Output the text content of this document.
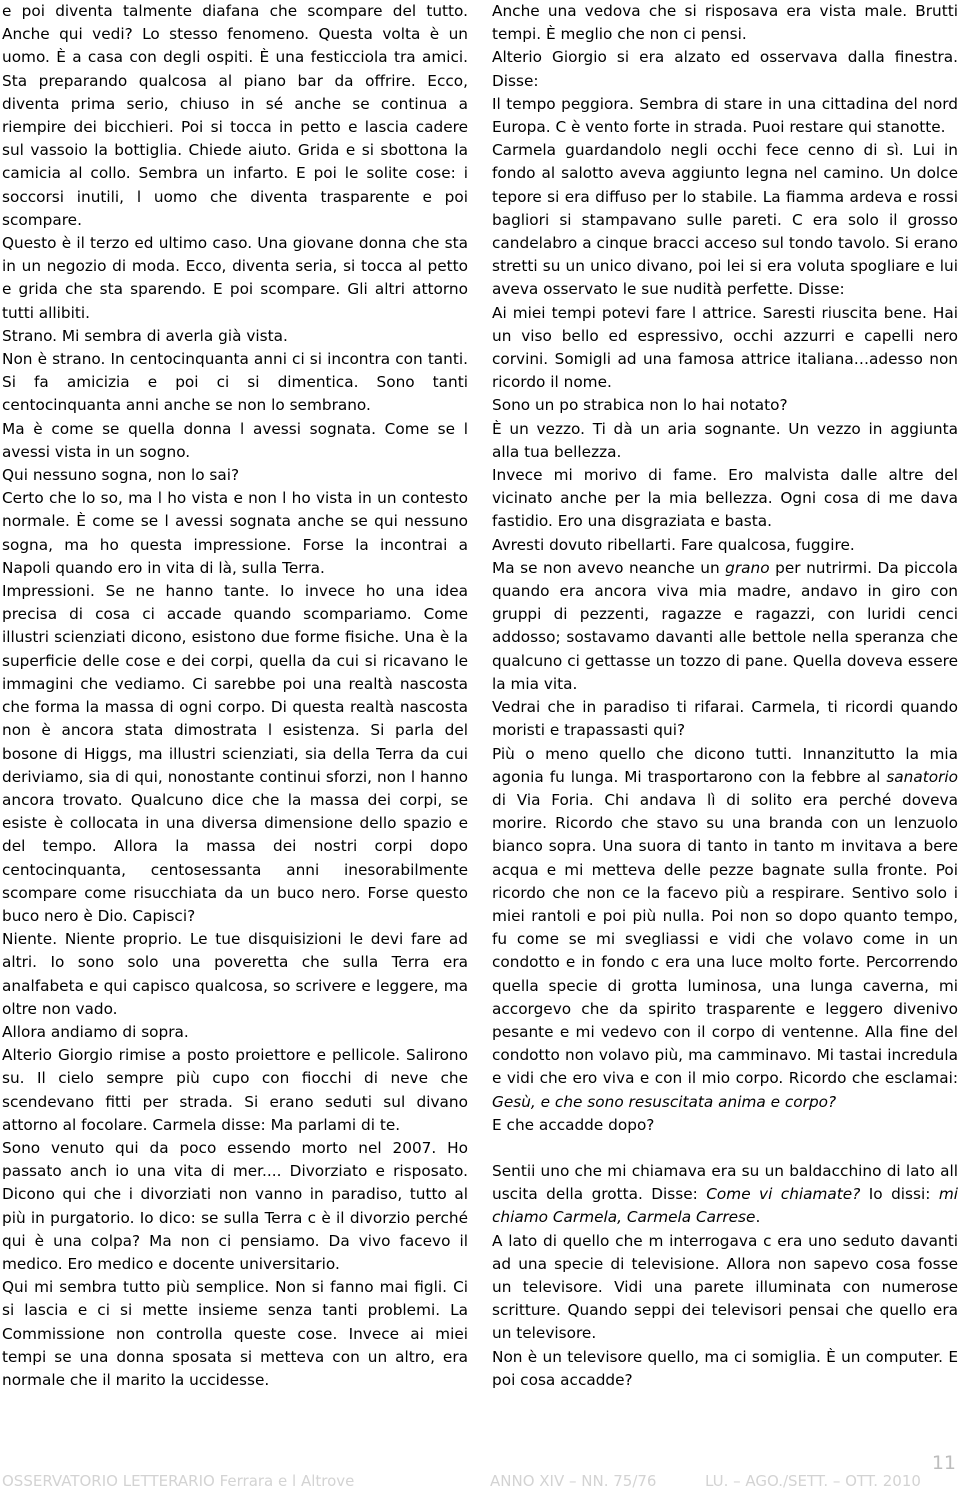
e poi diventa talmente diafana che scompare del tutto. Anche qui vedi? Lo stesso fenomeno. Questa volta è un uomo. È a casa con degli ospiti. È una festicciola tra amici. Sta preparando qualcosa al piano bar da offrire. Ecco, diventa prima serio, chiuso in sé anche se continua a riempire dei bicchieri. Poi si tocca in petto e lascia cadere sul vassoio la bottiglia. Chiede aiuto. Grida e si sbottona la camicia al collo. Sembra un infarto. E poi le solite cose: i soccorsi inutili, l uomo che diventa trasparente e poi scompare.

Questo è il terzo ed ultimo caso. Una giovane donna che sta in un negozio di moda. Ecco, diventa seria, si tocca al petto e grida che sta sparendo. E poi scompare. Gli altri attorno tutti allibiti.

Strano. Mi sembra di averla già vista.

Non è strano. In centocinquanta anni ci si incontra con tanti. Si fa amicizia e poi ci si dimentica. Sono tanti centocinquanta anni anche se non lo sembrano.

Ma è come se quella donna l avessi sognata. Come se l avessi vista in un sogno.

Qui nessuno sogna, non lo sai?

Certo che lo so, ma l ho vista e non l ho vista in un contesto normale. È come se l avessi sognata anche se qui nessuno sogna, ma ho questa impressione. Forse la incontrai a Napoli quando ero in vita di là, sulla Terra.

Impressioni. Se ne hanno tante. Io invece ho una idea precisa di cosa ci accade quando scompariamo. Come illustri scienziati dicono, esistono due forme fisiche. Una è la superficie delle cose e dei corpi, quella da cui si ricavano le immagini che vediamo. Ci sarebbe poi una realtà nascosta che forma la massa di ogni corpo. Di questa realtà nascosta non è ancora stata dimostrata l esistenza. Si parla del bosone di Higgs, ma illustri scienziati, sia della Terra da cui deriviamo, sia di qui, nonostante continui sforzi, non l hanno ancora trovato. Qualcuno dice che la massa dei corpi, se esiste è collocata in una diversa dimensione dello spazio e del tempo. Allora la massa dei nostri corpi dopo centocinquanta, centosessanta anni inesorabilmente scompare come risucchiata da un buco nero. Forse questo buco nero è Dio. Capisci?

Niente. Niente proprio. Le tue disquisizioni le devi fare ad altri. Io sono solo una poveretta che sulla Terra era analfabeta e qui capisco qualcosa, so scrivere e leggere, ma oltre non vado.

Allora andiamo di sopra.

Alterio Giorgio rimise a posto proiettore e pellicole. Salirono su. Il cielo sempre più cupo con fiocchi di neve che scendevano fitti per strada. Si erano seduti sul divano attorno al focolare. Carmela disse: Ma parlami di te.

Sono venuto qui da poco essendo morto nel 2007. Ho passato anch io una vita di mer.... Divorziato e risposato. Dicono qui che i divorziati non vanno in paradiso, tutto al più in purgatorio. Io dico: se sulla Terra c è il divorzio perché qui è una colpa? Ma non ci pensiamo. Da vivo facevo il medico. Ero medico e docente universitario.

Qui mi sembra tutto più semplice. Non si fanno mai figli. Ci si lascia e ci si mette insieme senza tanti problemi. La Commissione non controlla queste cose. Invece ai miei tempi se una donna sposata si metteva con un altro, era normale che il marito la uccidesse.

Anche una vedova che si risposava era vista male. Brutti tempi. È meglio che non ci pensi.

Alterio Giorgio si era alzato ed osservava dalla finestra. Disse:

Il tempo peggiora. Sembra di stare in una cittadina del nord Europa. C è vento forte in strada. Puoi restare qui stanotte.

Carmela guardandolo negli occhi fece cenno di sì. Lui in fondo al salotto aveva aggiunto legna nel camino. Un dolce tepore si era diffuso per lo stabile. La fiamma ardeva e rossi bagliori si stampavano sulle pareti. C era solo il grosso candelabro a cinque bracci acceso sul tondo tavolo. Si erano stretti su un unico divano, poi lei si era voluta spogliare e lui aveva osservato le sue nudità perfette. Disse:

Ai miei tempi potevi fare l attrice. Saresti riuscita bene. Hai un viso bello ed espressivo, occhi azzurri e capelli nero corvini. Somigli ad una famosa attrice italiana…adesso non ricordo il nome.

Sono un po strabica non lo hai notato?

È un vezzo. Ti dà un aria sognante. Un vezzo in aggiunta alla tua bellezza.

Invece mi morivo di fame. Ero malvista dalle altre del vicinato anche per la mia bellezza. Ogni cosa di me dava fastidio. Ero una disgraziata e basta.

Avresti dovuto ribellarti. Fare qualcosa, fuggire.

Ma se non avevo neanche un grano per nutrirmi. Da piccola quando era ancora viva mia madre, andavo in giro con gruppi di pezzenti, ragazze e ragazzi, con luridi cenci addosso; sostavamo davanti alle bettole nella speranza che qualcuno ci gettasse un tozzo di pane. Quella doveva essere la mia vita.

Vedrai che in paradiso ti rifarai. Carmela, ti ricordi quando moristi e trapassasti qui?

Più o meno quello che dicono tutti. Innanzitutto la mia agonia fu lunga. Mi trasportarono con la febbre al sanatorio di Via Foria. Chi andava lì di solito era perché doveva morire. Ricordo che stavo su una branda con un lenzuolo bianco sopra. Una suora di tanto in tanto m invitava a bere acqua e mi metteva delle pezze bagnate sulla fronte. Poi ricordo che non ce la facevo più a respirare. Sentivo solo i miei rantoli e poi più nulla. Poi non so dopo quanto tempo, fu come se mi svegliassi e vidi che volavo come in un condotto e in fondo c era una luce molto forte. Percorrendo quella specie di grotta luminosa, una lunga caverna, mi accorgevo che da spirito trasparente e leggero divenivo pesante e mi vedevo con il corpo di ventenne. Alla fine del condotto non volavo più, ma camminavo. Mi tastai incredula e vidi che ero viva e con il mio corpo. Ricordo che esclamai: Gesù, e che sono resuscitata anima e corpo?

E che accadde dopo?

Sentii uno che mi chiamava era su un baldacchino di lato all uscita della grotta. Disse: Come vi chiamate? Io dissi: mi chiamo Carmela, Carmela Carrese.

A lato di quello che m interrogava c era uno seduto davanti ad una specie di televisione. Allora non sapevo cosa fosse un televisore. Vidi una parete illuminata con numerose scritture. Quando seppi dei televisori pensai che quello era un televisore.

Non è un televisore quello, ma ci somiglia. È un computer. E poi cosa accadde?

11
OSSERVATORIO LETTERARIO Ferrara e l Altrove	ANNO XIV – NN. 75/76	LU. – AGO./SETT. – OTT. 2010
